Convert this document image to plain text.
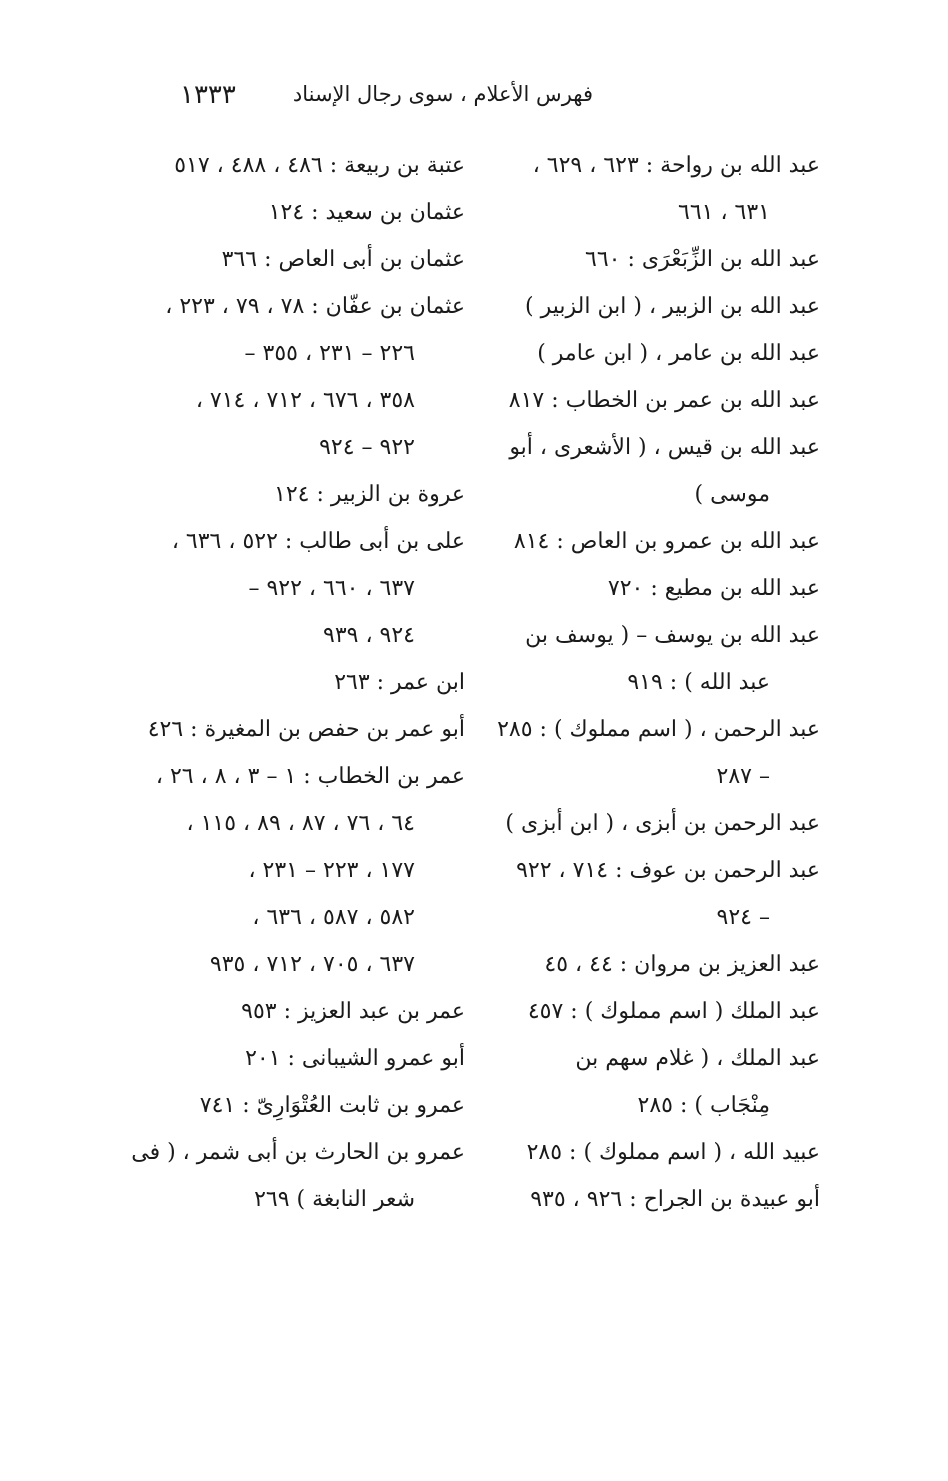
١٣٣٣	فهرس الأعلام ، سوى رجال الإسناد
عبد الله بن رواحة : ٦٢٣ ، ٦٢٩ ،
٦٣١ ، ٦٦١
عبد الله بن الزِّبَعْرَى : ٦٦٠
عبد الله بن الزبير ، ( ابن الزبير )
عبد الله بن عامر ، ( ابن عامر )
عبد الله بن عمر بن الخطاب : ٨١٧
عبد الله بن قيس ، ( الأشعرى ، أبو
موسى )
عبد الله بن عمرو بن العاص : ٨١٤
عبد الله بن مطيع : ٧٢٠
عبد الله بن يوسف – ( يوسف بن
عبد الله ) : ٩١٩
عبد الرحمن ، ( اسم مملوك ) : ٢٨٥
– ٢٨٧
عبد الرحمن بن أبزى ، ( ابن أبزى )
عبد الرحمن بن عوف : ٧١٤ ، ٩٢٢
– ٩٢٤
عبد العزيز بن مروان : ٤٤ ، ٤٥
عبد الملك ( اسم مملوك ) : ٤٥٧
عبد الملك ، ( غلام سهم بن
مِنْجَاب ) : ٢٨٥
عبيد الله ، ( اسم مملوك ) : ٢٨٥
أبو عبيدة بن الجراح : ٩٢٦ ، ٩٣٥
عتبة بن ربيعة : ٤٨٦ ، ٤٨٨ ، ٥١٧
عثمان بن سعيد : ١٢٤
عثمان بن أبى العاص : ٣٦٦
عثمان بن عفّان : ٧٨ ، ٧٩ ، ٢٢٣ ،
٢٢٦ – ٢٣١ ، ٣٥٥ –
٣٥٨ ، ٦٧٦ ، ٧١٢ ، ٧١٤ ،
٩٢٢ – ٩٢٤
عروة بن الزبير : ١٢٤
على بن أبى طالب : ٥٢٢ ، ٦٣٦ ،
٦٣٧ ، ٦٦٠ ، ٩٢٢ –
٩٢٤ ، ٩٣٩
ابن عمر : ٢٦٣
أبو عمر بن حفص بن المغيرة : ٤٢٦
عمر بن الخطاب : ١ – ٣ ، ٨ ، ٢٦ ،
٦٤ ، ٧٦ ، ٨٧ ، ٨٩ ، ١١٥ ،
١٧٧ ، ٢٢٣ – ٢٣١ ،
٥٨٢ ، ٥٨٧ ، ٦٣٦ ،
٦٣٧ ، ٧٠٥ ، ٧١٢ ، ٩٣٥
عمر بن عبد العزيز : ٩٥٣
أبو عمرو الشيبانى : ٢٠١
عمرو بن ثابت العُتْوَارِىّ : ٧٤١
عمرو بن الحارث بن أبى شمر ، ( فى
شعر النابغة ) ٢٦٩
